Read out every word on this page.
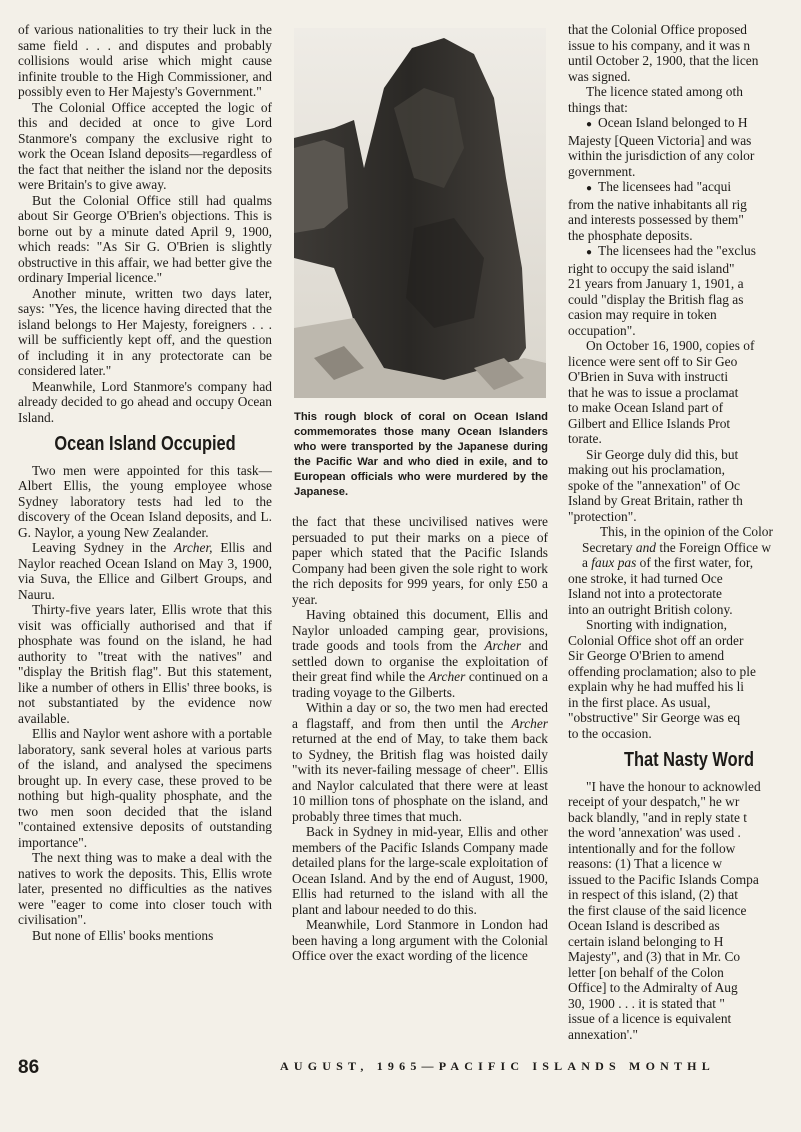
of various nationalities to try their luck in the same field . . . and disputes and probably collisions would arise which might cause infinite trouble to the High Commissioner, and possibly even to Her Majesty's Government."

The Colonial Office accepted the logic of this and decided at once to give Lord Stanmore's company the exclusive right to work the Ocean Island deposits—regardless of the fact that neither the island nor the deposits were Britain's to give away.

But the Colonial Office still had qualms about Sir George O'Brien's objections. This is borne out by a minute dated April 9, 1900, which reads: "As Sir G. O'Brien is slightly obstructive in this affair, we had better give the ordinary Imperial licence."

Another minute, written two days later, says: "Yes, the licence having directed that the island belongs to Her Majesty, foreigners . . . will be sufficiently kept off, and the question of including it in any protectorate can be considered later."

Meanwhile, Lord Stanmore's company had already decided to go ahead and occupy Ocean Island.

Ocean Island Occupied

Two men were appointed for this task—Albert Ellis, the young employee whose Sydney laboratory tests had led to the discovery of the Ocean Island deposits, and L. G. Naylor, a young New Zealander.

Leaving Sydney in the Archer, Ellis and Naylor reached Ocean Island on May 3, 1900, via Suva, the Ellice and Gilbert Groups, and Nauru.

Thirty-five years later, Ellis wrote that this visit was officially authorised and that if phosphate was found on the island, he had authority to "treat with the natives" and "display the British flag". But this statement, like a number of others in Ellis' three books, is not substantiated by the evidence now available.

Ellis and Naylor went ashore with a portable laboratory, sank several holes at various parts of the island, and analysed the specimens brought up. In every case, these proved to be nothing but high-quality phosphate, and the two men soon decided that the island "contained extensive deposits of outstanding importance".

The next thing was to make a deal with the natives to work the deposits. This, Ellis wrote later, presented no difficulties as the natives were "eager to come into closer touch with civilisation".

But none of Ellis' books mentions

This rough block of coral on Ocean Island commemorates those many Ocean Islanders who were transported by the Japanese during the Pacific War and who died in exile, and to European officials who were murdered by the Japanese.

the fact that these uncivilised natives were persuaded to put their marks on a piece of paper which stated that the Pacific Islands Company had been given the sole right to work the rich deposits for 999 years, for only £50 a year.

Having obtained this document, Ellis and Naylor unloaded camping gear, provisions, trade goods and tools from the Archer and settled down to organise the exploitation of their great find while the Archer continued on a trading voyage to the Gilberts.

Within a day or so, the two men had erected a flagstaff, and from then until the Archer returned at the end of May, to take them back to Sydney, the British flag was hoisted daily "with its never-failing message of cheer". Ellis and Naylor calculated that there were at least 10 million tons of phosphate on the island, and probably three times that much.

Back in Sydney in mid-year, Ellis and other members of the Pacific Islands Company made detailed plans for the large-scale exploitation of Ocean Island. And by the end of August, 1900, Ellis had returned to the island with all the plant and labour needed to do this.

Meanwhile, Lord Stanmore in London had been having a long argument with the Colonial Office over the exact wording of the licence

that the Colonial Office proposed

issue to his company, and it was n

until October 2, 1900, that the licen

was signed.

The licence stated among oth

things that:

● Ocean Island belonged to H

Majesty [Queen Victoria] and was

within the jurisdiction of any color

government.

● The licensees had "acqui

from the native inhabitants all rig

and interests possessed by them"

the phosphate deposits.

● The licensees had the "exclus

right to occupy the said island"

21 years from January 1, 1901, a

could "display the British flag as

casion may require in token

occupation".

On October 16, 1900, copies of

licence were sent off to Sir Geo

O'Brien in Suva with instructi

that he was to issue a proclamat

to make Ocean Island part of

Gilbert and Ellice Islands Prot

torate.

Sir George duly did this, but

making out his proclamation,

spoke of the "annexation" of Oc

Island by Great Britain, rather th

"protection".

This, in the opinion of the Color

Secretary and the Foreign Office w

a faux pas of the first water, for,

one stroke, it had turned Oce

Island not into a protectorate

into an outright British colony.

Snorting with indignation,

Colonial Office shot off an order

Sir George O'Brien to amend

offending proclamation; also to ple

explain why he had muffed his li

in the first place. As usual,

"obstructive" Sir George was eq

to the occasion.

That Nasty Word

"I have the honour to acknowled

receipt of your despatch," he wr

back blandly, "and in reply state t

the word 'annexation' was used .

intentionally and for the follow

reasons: (1) That a licence w

issued to the Pacific Islands Compa

in respect of this island, (2) that

the first clause of the said licence

Ocean Island is described as

certain island belonging to H

Majesty", and (3) that in Mr. Co

letter [on behalf of the Colon

Office] to the Admiralty of Aug

30, 1900 . . . it is stated that "

issue of a licence is equivalent

annexation'."

86	AUGUST, 1965—PACIFIC ISLANDS MONTHL
